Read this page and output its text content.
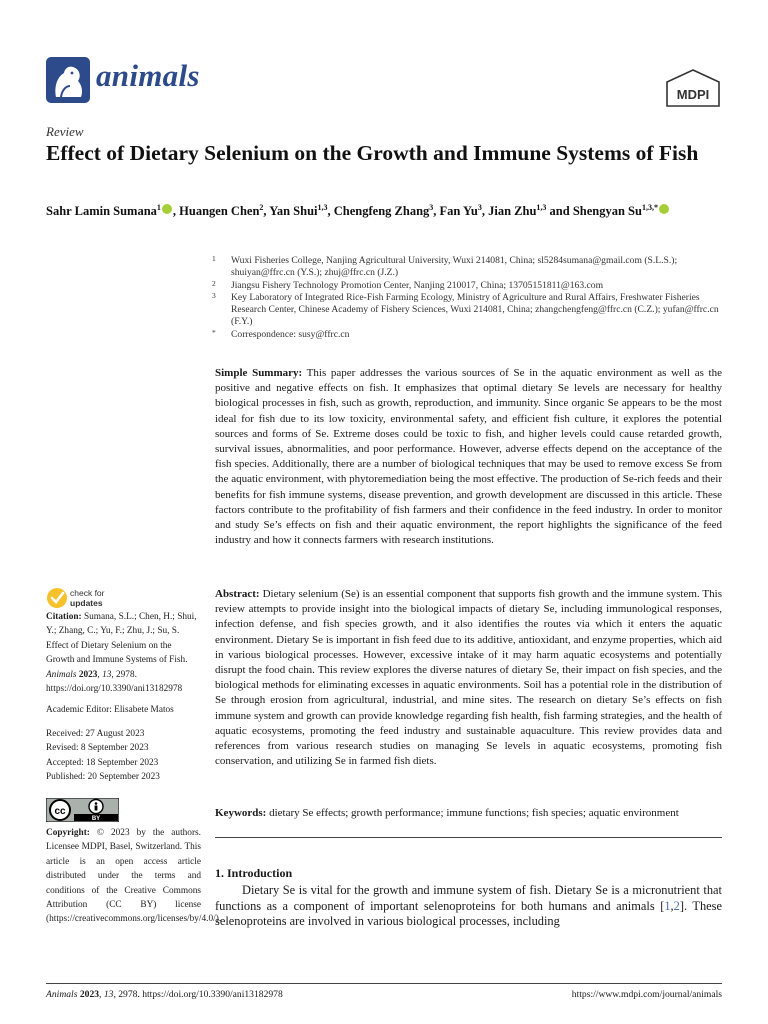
animals
MDPI
Review
Effect of Dietary Selenium on the Growth and Immune Systems of Fish
Sahr Lamin Sumana$^1$ , Huangen Chen$^2$, Yan Shui$^{1,3}$, Chengfeng Zhang$^3$, Fan Yu$^3$, Jian Zhu$^{1,3}$ and Shengyan $Su^{1,3,*}$

1 Wuxi Fisheries College, Nanjing Agricultural University, Wuxi 214081, China; sl5284sumana@gmail.com (S.L.S.); shuiyan@ffrc.cn (Y.S.); zhuj@ffrc.cn (J.Z.)

2 Jiangsu Fishery Technology Promotion Center, Nanjing 210017, China; 13705151811@163.com

3 Key Laboratory of Integrated Rice-Fish Farming Ecology, Ministry of Agriculture and Rural Affairs, Freshwater Fisheries Research Center, Chinese Academy of Fishery Sciences, Wuxi 214081, China; zhangchengfeng@ffrc.cn (C.Z.); yufan@ffrc.cn (F.Y.)

* Correspondence: susy@ffrc.cn

Simple Summary: This paper addresses the various sources of Se in the aquatic environment as well as the positive and negative effects on fish. It emphasizes that optimal dietary Se levels are necessary for healthy biological processes in fish, such as growth, reproduction, and immunity. Since organic Se appears to be the most ideal for fish due to its low toxicity, environmental safety, and efficient fish culture, it explores the potential sources and forms of Se. Extreme doses could be toxic to fish, and higher levels could cause retarded growth, survival issues, abnormalities, and poor performance. However, adverse effects depend on the acceptance of the fish species. Additionally, there are a number of biological techniques that may be used to remove excess Se from the aquatic environment, with phytoremediation being the most effective. The production of Se-rich feeds and their benefits for fish immune systems, disease prevention, and growth development are discussed in this article. These factors contribute to the profitability of fish farmers and their confidence in the feed industry. In order to monitor and study Se’s effects on fish and their aquatic environment, the report highlights the significance of the feed industry and how it connects farmers with research institutions.
Abstract: Dietary selenium (Se) is an essential component that supports fish growth and the immune system. This review attempts to provide insight into the biological impacts of dietary Se, including immunological responses, infection defense, and fish species growth, and it also identifies the routes via which it enters the aquatic environment. Dietary Se is important in fish feed due to its additive, antioxidant, and enzyme properties, which aid in various biological processes. However, excessive intake of it may harm aquatic ecosystems and potentially disrupt the food chain. This review explores the diverse natures of dietary Se, their impact on fish species, and the biological methods for eliminating excesses in aquatic environments. Soil has a potential role in the distribution of Se through erosion from agricultural, industrial, and mine sites. The research on dietary Se’s effects on fish immune system and growth can provide knowledge regarding fish health, fish farming strategies, and the health of aquatic ecosystems, promoting the feed industry and sustainable aquaculture. This review provides data and references from various research studies on managing Se levels in aquatic ecosystems, promoting fish conservation, and utilizing Se in farmed fish diets.
Keywords: dietary Se effects; growth performance; immune functions; fish species; aquatic environment
1. Introduction
Dietary Se is vital for the growth and immune system of fish. Dietary Se is a micronutrient that functions as a component of important selenoproteins for both humans and animals [1,2]. These selenoproteins are involved in various biological processes, including
check for
updates
Citation: Sumana, S.L.; Chen, H.; Shui, Y.; Zhang, C.; Yu, F.; Zhu, J.; Su, S. Effect of Dietary Selenium on the Growth and Immune Systems of Fish. Animals 2023, 13, 2978. https://doi.org/10.3390/ani13182978
Academic Editor: Elisabete Matos
Received: 27 August 2023
Revised: 8 September 2023
Accepted: 18 September 2023
Published: 20 September 2023
cc
BY
Copyright: © 2023 by the authors. Licensee MDPI, Basel, Switzerland. This article is an open access article distributed under the terms and conditions of the Creative Commons Attribution (CC BY) license (https://creativecommons.org/licenses/by/4.0/).
Animals 2023, 13, 2978. https://doi.org/10.3390/ani13182978	https://www.mdpi.com/journal/animals
